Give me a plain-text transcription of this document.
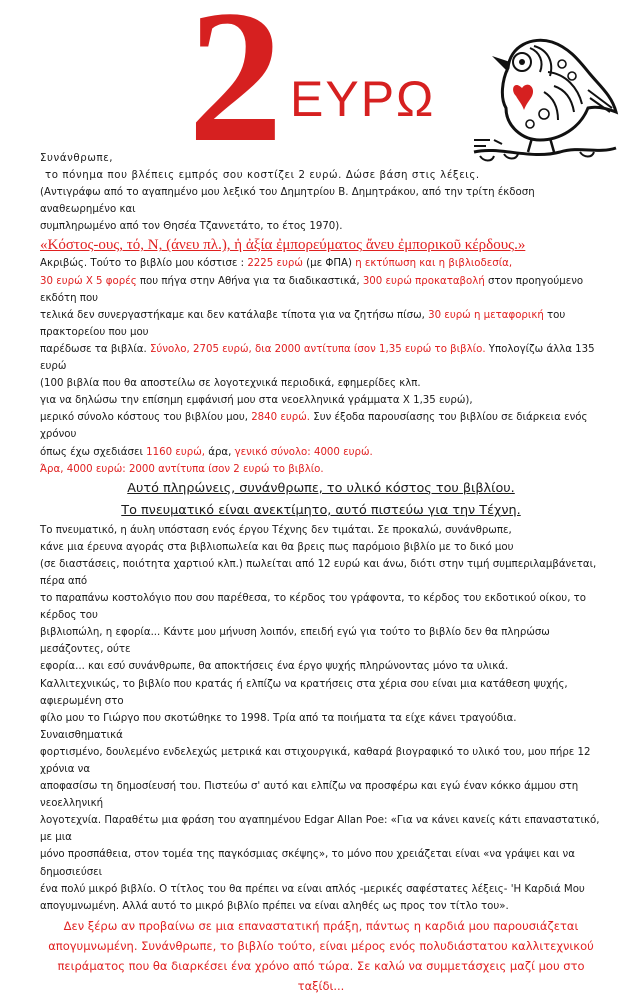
2 ΕΥΡΩ

Συνάνθρωπε,

το πόνημα που βλέπεις εμπρός σου κοστίζει 2 ευρώ. Δώσε βάση στις λέξεις.

(Αντιγράφω από το αγαπημένο μου λεξικό του Δημητρίου Β. Δημητράκου, από την τρίτη έκδοση αναθεωρημένο και

συμπληρωμένο από τον Θησέα Τζαννετάτο, το έτος 1970).

«Κόστος-ους, τό, Ν, (άνευ πλ.), ἡ ἀξία ἐμπορεύματος ἄνευ ἐμπορικοῦ κέρδους.»

Ακριβώς. Τούτο το βιβλίο μου κόστισε : 2225 ευρώ (με ΦΠΑ) η εκτύπωση και η βιβλιοδεσία,

30 ευρώ Χ 5 φορές που πήγα στην Αθήνα για τα διαδικαστικά, 300 ευρώ προκαταβολή στον προηγούμενο εκδότη που

τελικά δεν συνεργαστήκαμε και δεν κατάλαβε τίποτα για να ζητήσω πίσω, 30 ευρώ η μεταφορική του πρακτορείου που μου

παρέδωσε τα βιβλία. Σύνολο, 2705 ευρώ, δια 2000 αντίτυπα ίσον 1,35 ευρώ το βιβλίο. Υπολογίζω άλλα 135 ευρώ

(100 βιβλία που θα αποστείλω σε λογοτεχνικά περιοδικά, εφημερίδες κλπ.

για να δηλώσω την επίσημη εμφάνισή μου στα νεοελληνικά γράμματα Χ 1,35 ευρώ),

μερικό σύνολο κόστους του βιβλίου μου, 2840 ευρώ. Συν έξοδα παρουσίασης του βιβλίου σε διάρκεια ενός χρόνου

όπως έχω σχεδιάσει 1160 ευρώ, άρα, γενικό σύνολο: 4000 ευρώ.

Άρα, 4000 ευρώ: 2000 αντίτυπα ίσον 2 ευρώ το βιβλίο.

Αυτό πληρώνεις, συνάνθρωπε, το υλικό κόστος του βιβλίου.

Το πνευματικό είναι ανεκτίμητο, αυτό πιστεύω για την Τέχνη.

Το πνευματικό, η άυλη υπόσταση ενός έργου Τέχνης δεν τιμάται. Σε προκαλώ, συνάνθρωπε,

κάνε μια έρευνα αγοράς στα βιβλιοπωλεία και θα βρεις πως παρόμοιο βιβλίο με το δικό μου

(σε διαστάσεις, ποιότητα χαρτιού κλπ.) πωλείται από 12 ευρώ και άνω, διότι στην τιμή συμπεριλαμβάνεται, πέρα από

το παραπάνω κοστολόγιο που σου παρέθεσα, το κέρδος του γράφοντα, το κέρδος του εκδοτικού οίκου, το κέρδος του

βιβλιοπώλη, η εφορία... Κάντε μου μήνυση λοιπόν, επειδή εγώ για τούτο το βιβλίο δεν θα πληρώσω μεσάζοντες, ούτε

εφορία... και εσύ συνάνθρωπε, θα αποκτήσεις ένα έργο ψυχής πληρώνοντας μόνο τα υλικά.

Καλλιτεχνικώς, το βιβλίο που κρατάς ή ελπίζω να κρατήσεις στα χέρια σου είναι μια κατάθεση ψυχής, αφιερωμένη στο

φίλο μου το Γιώργο που σκοτώθηκε το 1998. Τρία από τα ποιήματα τα είχε κάνει τραγούδια. Συναισθηματικά

φορτισμένο, δουλεμένο ενδελεχώς μετρικά και στιχουργικά, καθαρά βιογραφικό το υλικό του, μου πήρε 12 χρόνια να

αποφασίσω τη δημοσίευσή του. Πιστεύω σ' αυτό και ελπίζω να προσφέρω και εγώ έναν κόκκο άμμου στη νεοελληνική

λογοτεχνία. Παραθέτω μια φράση του αγαπημένου Edgar Allan Poe: «Για να κάνει κανείς κάτι επαναστατικό, με μια

μόνο προσπάθεια, στον τομέα της παγκόσμιας σκέψης», το μόνο που χρειάζεται είναι «να γράψει και να δημοσιεύσει

ένα πολύ μικρό βιβλίο. Ο τίτλος του θα πρέπει να είναι απλός -μερικές σαφέστατες λέξεις- 'Η Καρδιά Μου

απογυμνωμένη. Αλλά αυτό το μικρό βιβλίο πρέπει να είναι αληθές ως προς τον τίτλο του».

Δεν ξέρω αν προβαίνω σε μια επαναστατική πράξη, πάντως η καρδιά μου παρουσιάζεται

απογυμνωμένη. Συνάνθρωπε, το βιβλίο τούτο, είναι μέρος ενός πολυδιάστατου καλλιτεχνικού

πειράματος που θα διαρκέσει ένα χρόνο από τώρα. Σε καλώ να συμμετάσχεις μαζί μου στο

ταξίδι...
